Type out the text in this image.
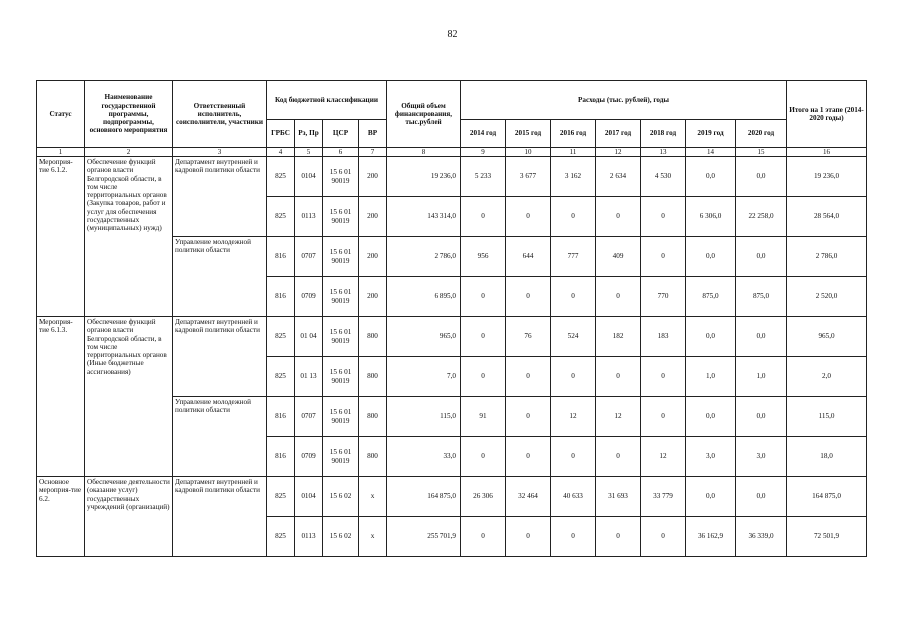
82
Статус	Наименование государственной программы, подпрограммы, основного мероприятия	Ответственный исполнитель, соисполнители, участники	Код бюджетной классификации				Общий объем финансирования, тыс.рублей	Расходы (тыс. рублей), годы							Итого на 1 этапе (2014-2020 годы)
			ГРБС	Рз, Пр	ЦСР	ВР		2014 год	2015 год	2016 год	2017 год	2018 год	2019 год	2020 год	
1	2	3	4	5	6	7	8	9	10	11	12	13	14	15	16
Мероприя-тие 6.1.2.	Обеспечение функций органов власти Белгородской области, в том числе территориальных органов (Закупка товаров, работ и услуг для обеспечения государственных (муниципальных) нужд)	Департамент внутренней и кадровой политики области	825	0104	15 6 01 90019	200	19 236,0	5 233	3 677	3 162	2 634	4 530	0,0	0,0	19 236,0
			825	0113	15 6 01 90019	200	143 314,0	0	0	0	0	0	6 306,0	22 258,0	28 564,0
		Управление молодежной политики области	816	0707	15 6 01 90019	200	2 786,0	956	644	777	409	0	0,0	0,0	2 786,0
			816	0709	15 6 01 90019	200	6 895,0	0	0	0	0	770	875,0	875,0	2 520,0
Мероприя-тие 6.1.3.	Обеспечение функций органов власти Белгородской области, в том числе территориальных органов (Иные бюджетные ассигнования)	Департамент внутренней и кадровой политики области	825	01 04	15 6 01 90019	800	965,0	0	76	524	182	183	0,0	0,0	965,0
			825	01 13	15 6 01 90019	800	7,0	0	0	0	0	0	1,0	1,0	2,0
		Управление молодежной политики области	816	0707	15 6 01 90019	800	115,0	91	0	12	12	0	0,0	0,0	115,0
			816	0709	15 6 01 90019	800	33,0	0	0	0	0	12	3,0	3,0	18,0
Основное мероприя-тие 6.2.	Обеспечение деятельности (оказание услуг) государственных учреждений (организаций)	Департамент внутренней и кадровой политики области	825	0104	15 6 02	х	164 875,0	26 306	32 464	40 633	31 693	33 779	0,0	0,0	164 875,0
			825	0113	15 6 02	х	255 701,9	0	0	0	0	0	36 162,9	36 339,0	72 501,9
